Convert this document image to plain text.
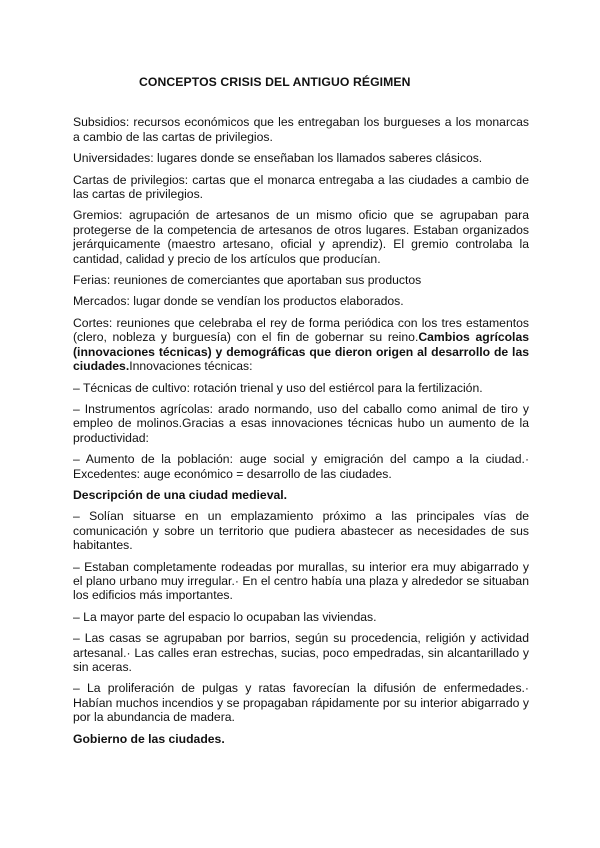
CONCEPTOS CRISIS DEL ANTIGUO RÉGIMEN

Subsidios: recursos económicos que les entregaban los burgueses a los monarcas a cambio de las cartas de privilegios.

Universidades: lugares donde se enseñaban los llamados saberes clásicos.

Cartas de privilegios: cartas que el monarca entregaba a las ciudades a cambio de las cartas de privilegios.

Gremios: agrupación de artesanos de un mismo oficio que se agrupaban para protegerse de la competencia de artesanos de otros lugares. Estaban organizados jerárquicamente (maestro artesano, oficial y aprendiz). El gremio controlaba la cantidad, calidad y precio de los artículos que producían.

Ferias: reuniones de comerciantes que aportaban sus productos

Mercados: lugar donde se vendían los productos elaborados.

Cortes: reuniones que celebraba el rey de forma periódica con los tres estamentos (clero, nobleza y burguesía) con el fin de gobernar su reino.Cambios agrícolas (innovaciones técnicas) y demográficas que dieron origen al desarrollo de las ciudades.Innovaciones técnicas:

– Técnicas de cultivo: rotación trienal y uso del estiércol para la fertilización.

– Instrumentos agrícolas: arado normando, uso del caballo como animal de tiro y empleo de molinos.Gracias a esas innovaciones técnicas hubo un aumento de la productividad:

– Aumento de la población: auge social y emigración del campo a la ciudad.· Excedentes: auge económico = desarrollo de las ciudades.

Descripción de una ciudad medieval.

– Solían situarse en un emplazamiento próximo a las principales vías de comunicación y sobre un territorio que pudiera abastecer as necesidades de sus habitantes.

– Estaban completamente rodeadas por murallas, su interior era muy abigarrado y el plano urbano muy irregular.· En el centro había una plaza y alrededor se situaban los edificios más importantes.

– La mayor parte del espacio lo ocupaban las viviendas.

– Las casas se agrupaban por barrios, según su procedencia, religión y actividad artesanal.· Las calles eran estrechas, sucias, poco empedradas, sin alcantarillado y sin aceras.

– La proliferación de pulgas y ratas favorecían la difusión de enfermedades.· Habían muchos incendios y se propagaban rápidamente por su interior abigarrado y por la abundancia de madera.

Gobierno de las ciudades.
